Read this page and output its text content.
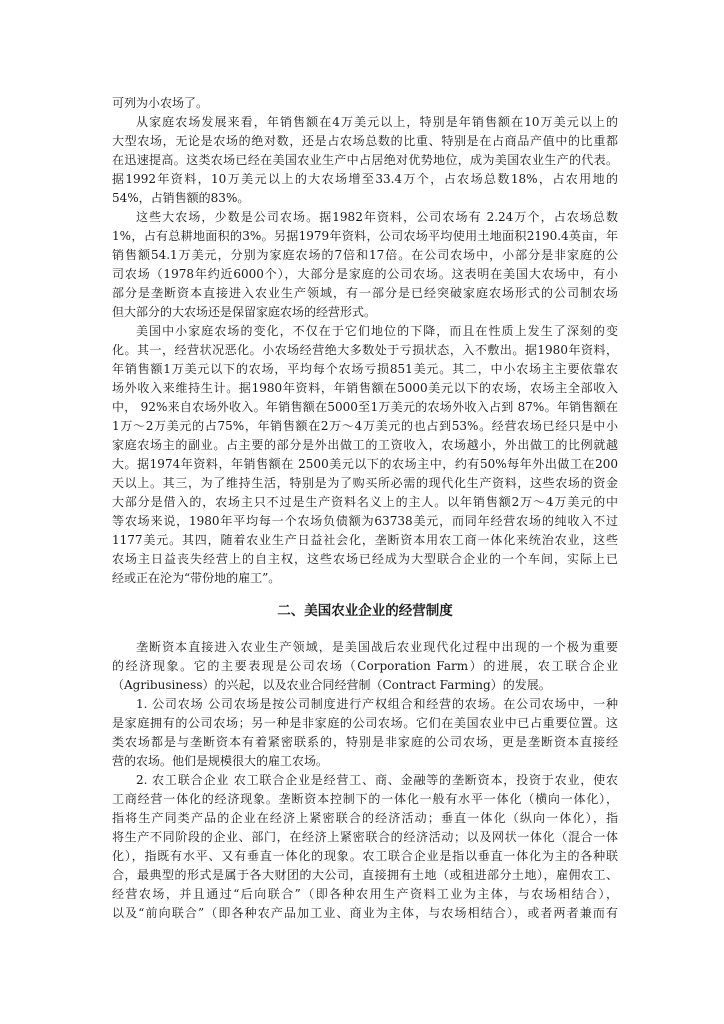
可列为小农场了。
从家庭农场发展来看，年销售额在4万美元以上，特别是年销售额在10万美元以上的
大型农场，无论是农场的绝对数，还是占农场总数的比重、特别是在占商品产值中的比重都
在迅速提高。这类农场已经在美国农业生产中占居绝对优势地位，成为美国农业生产的代表。
据1992年资料，10万美元以上的大农场增至33.4万个，占农场总数18%，占农用地的
54%，占销售额的83%。
这些大农场，少数是公司农场。据1982年资料，公司农场有 2.24万个，占农场总数
1%，占有总耕地面积的3%。另据1979年资料，公司农场平均使用土地面积2190.4英亩，年
销售额54.1万美元，分别为家庭农场的7倍和17倍。在公司农场中，小部分是非家庭的公
司农场（1978年约近6000个），大部分是家庭的公司农场。这表明在美国大农场中，有小
部分是垄断资本直接进入农业生产领域，有一部分是已经突破家庭农场形式的公司制农场
但大部分的大农场还是保留家庭农场的经营形式。
美国中小家庭农场的变化，不仅在于它们地位的下降，而且在性质上发生了深刻的变
化。其一，经营状况恶化。小农场经营绝大多数处于亏损状态，入不敷出。据1980年资料，
年销售额1万美元以下的农场，平均每个农场亏损851美元。其二，中小农场主主要依靠农
场外收入来维持生计。据1980年资料，年销售额在5000美元以下的农场，农场主全部收入
中， 92%来自农场外收入。年销售额在5000至1万美元的农场外收入占到 87%。年销售额在
1万～2万美元的占75%，年销售额在2万～4万美元的也占到53%。经营农场已经只是中小
家庭农场主的副业。占主要的部分是外出做工的工资收入，农场越小，外出做工的比例就越
大。据1974年资料，年销售额在 2500美元以下的农场主中，约有50%每年外出做工在200
天以上。其三，为了维持生活，特别是为了购买所必需的现代化生产资料，这些农场的资金
大部分是借入的，农场主只不过是生产资料名义上的主人。以年销售额2万～4万美元的中
等农场来说，1980年平均每一个农场负债额为63738美元，而同年经营农场的纯收入不过
1177美元。其四，随着农业生产日益社会化，垄断资本用农工商一体化来统治农业，这些
农场主日益丧失经营上的自主权，这些农场已经成为大型联合企业的一个车间，实际上已
经或正在沦为“带份地的雇工”。
二、美国农业企业的经营制度
垄断资本直接进入农业生产领域，是美国战后农业现代化过程中出现的一个极为重要
的经济现象。它的主要表现是公司农场（Corporation Farm）的进展，农工联合企业
（Agribusiness）的兴起，以及农业合同经营制（Contract Farming）的发展。
1. 公司农场 公司农场是按公司制度进行产权组合和经营的农场。在公司农场中，一种
是家庭拥有的公司农场；另一种是非家庭的公司农场。它们在美国农业中已占重要位置。这
类农场都是与垄断资本有着紧密联系的，特别是非家庭的公司农场，更是垄断资本直接经
营的农场。他们是规模很大的雇工农场。
2. 农工联合企业 农工联合企业是经营工、商、金融等的垄断资本，投资于农业，使农
工商经营一体化的经济现象。垄断资本控制下的一体化一般有水平一体化（横向一体化），
指将生产同类产品的企业在经济上紧密联合的经济活动；垂直一体化（纵向一体化），指
将生产不同阶段的企业、部门，在经济上紧密联合的经济活动；以及网状一体化（混合一体
化），指既有水平、又有垂直一体化的现象。农工联合企业是指以垂直一体化为主的各种联
合，最典型的形式是属于各大财团的大公司，直接拥有土地（或租进部分土地），雇佣农工、
经营农场，并且通过“后向联合”（即各种农用生产资料工业为主体，与农场相结合），
以及“前向联合”（即各种农产品加工业、商业为主体，与农场相结合），或者两者兼而有
